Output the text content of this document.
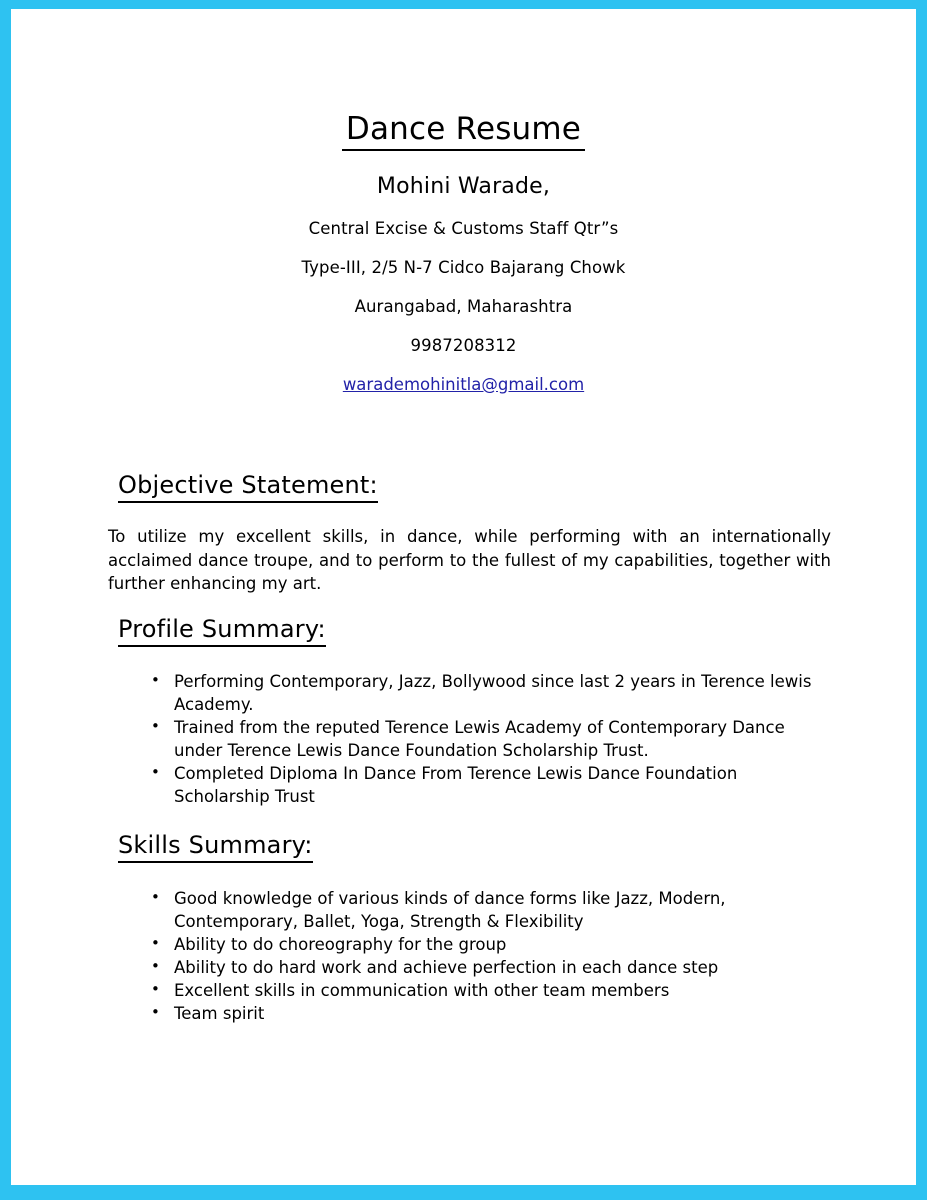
Dance Resume
Mohini Warade,
Central Excise & Customs Staff Qtr”s
Type-III, 2/5 N-7 Cidco Bajarang Chowk
Aurangabad, Maharashtra
9987208312
warademohinitla@gmail.com
Objective Statement:

To utilize my excellent skills, in dance, while performing with an internationally acclaimed dance troupe, and to perform to the fullest of my capabilities, together with further enhancing my art.

Profile Summary:
• Performing Contemporary, Jazz, Bollywood since last 2 years in Terence lewis Academy.
• Trained from the reputed Terence Lewis Academy of Contemporary Dance under Terence Lewis Dance Foundation Scholarship Trust.
• Completed Diploma In Dance From Terence Lewis Dance Foundation Scholarship Trust
Skills Summary:
• Good knowledge of various kinds of dance forms like Jazz, Modern, Contemporary, Ballet, Yoga, Strength & Flexibility
• Ability to do choreography for the group
• Ability to do hard work and achieve perfection in each dance step
• Excellent skills in communication with other team members
• Team spirit
